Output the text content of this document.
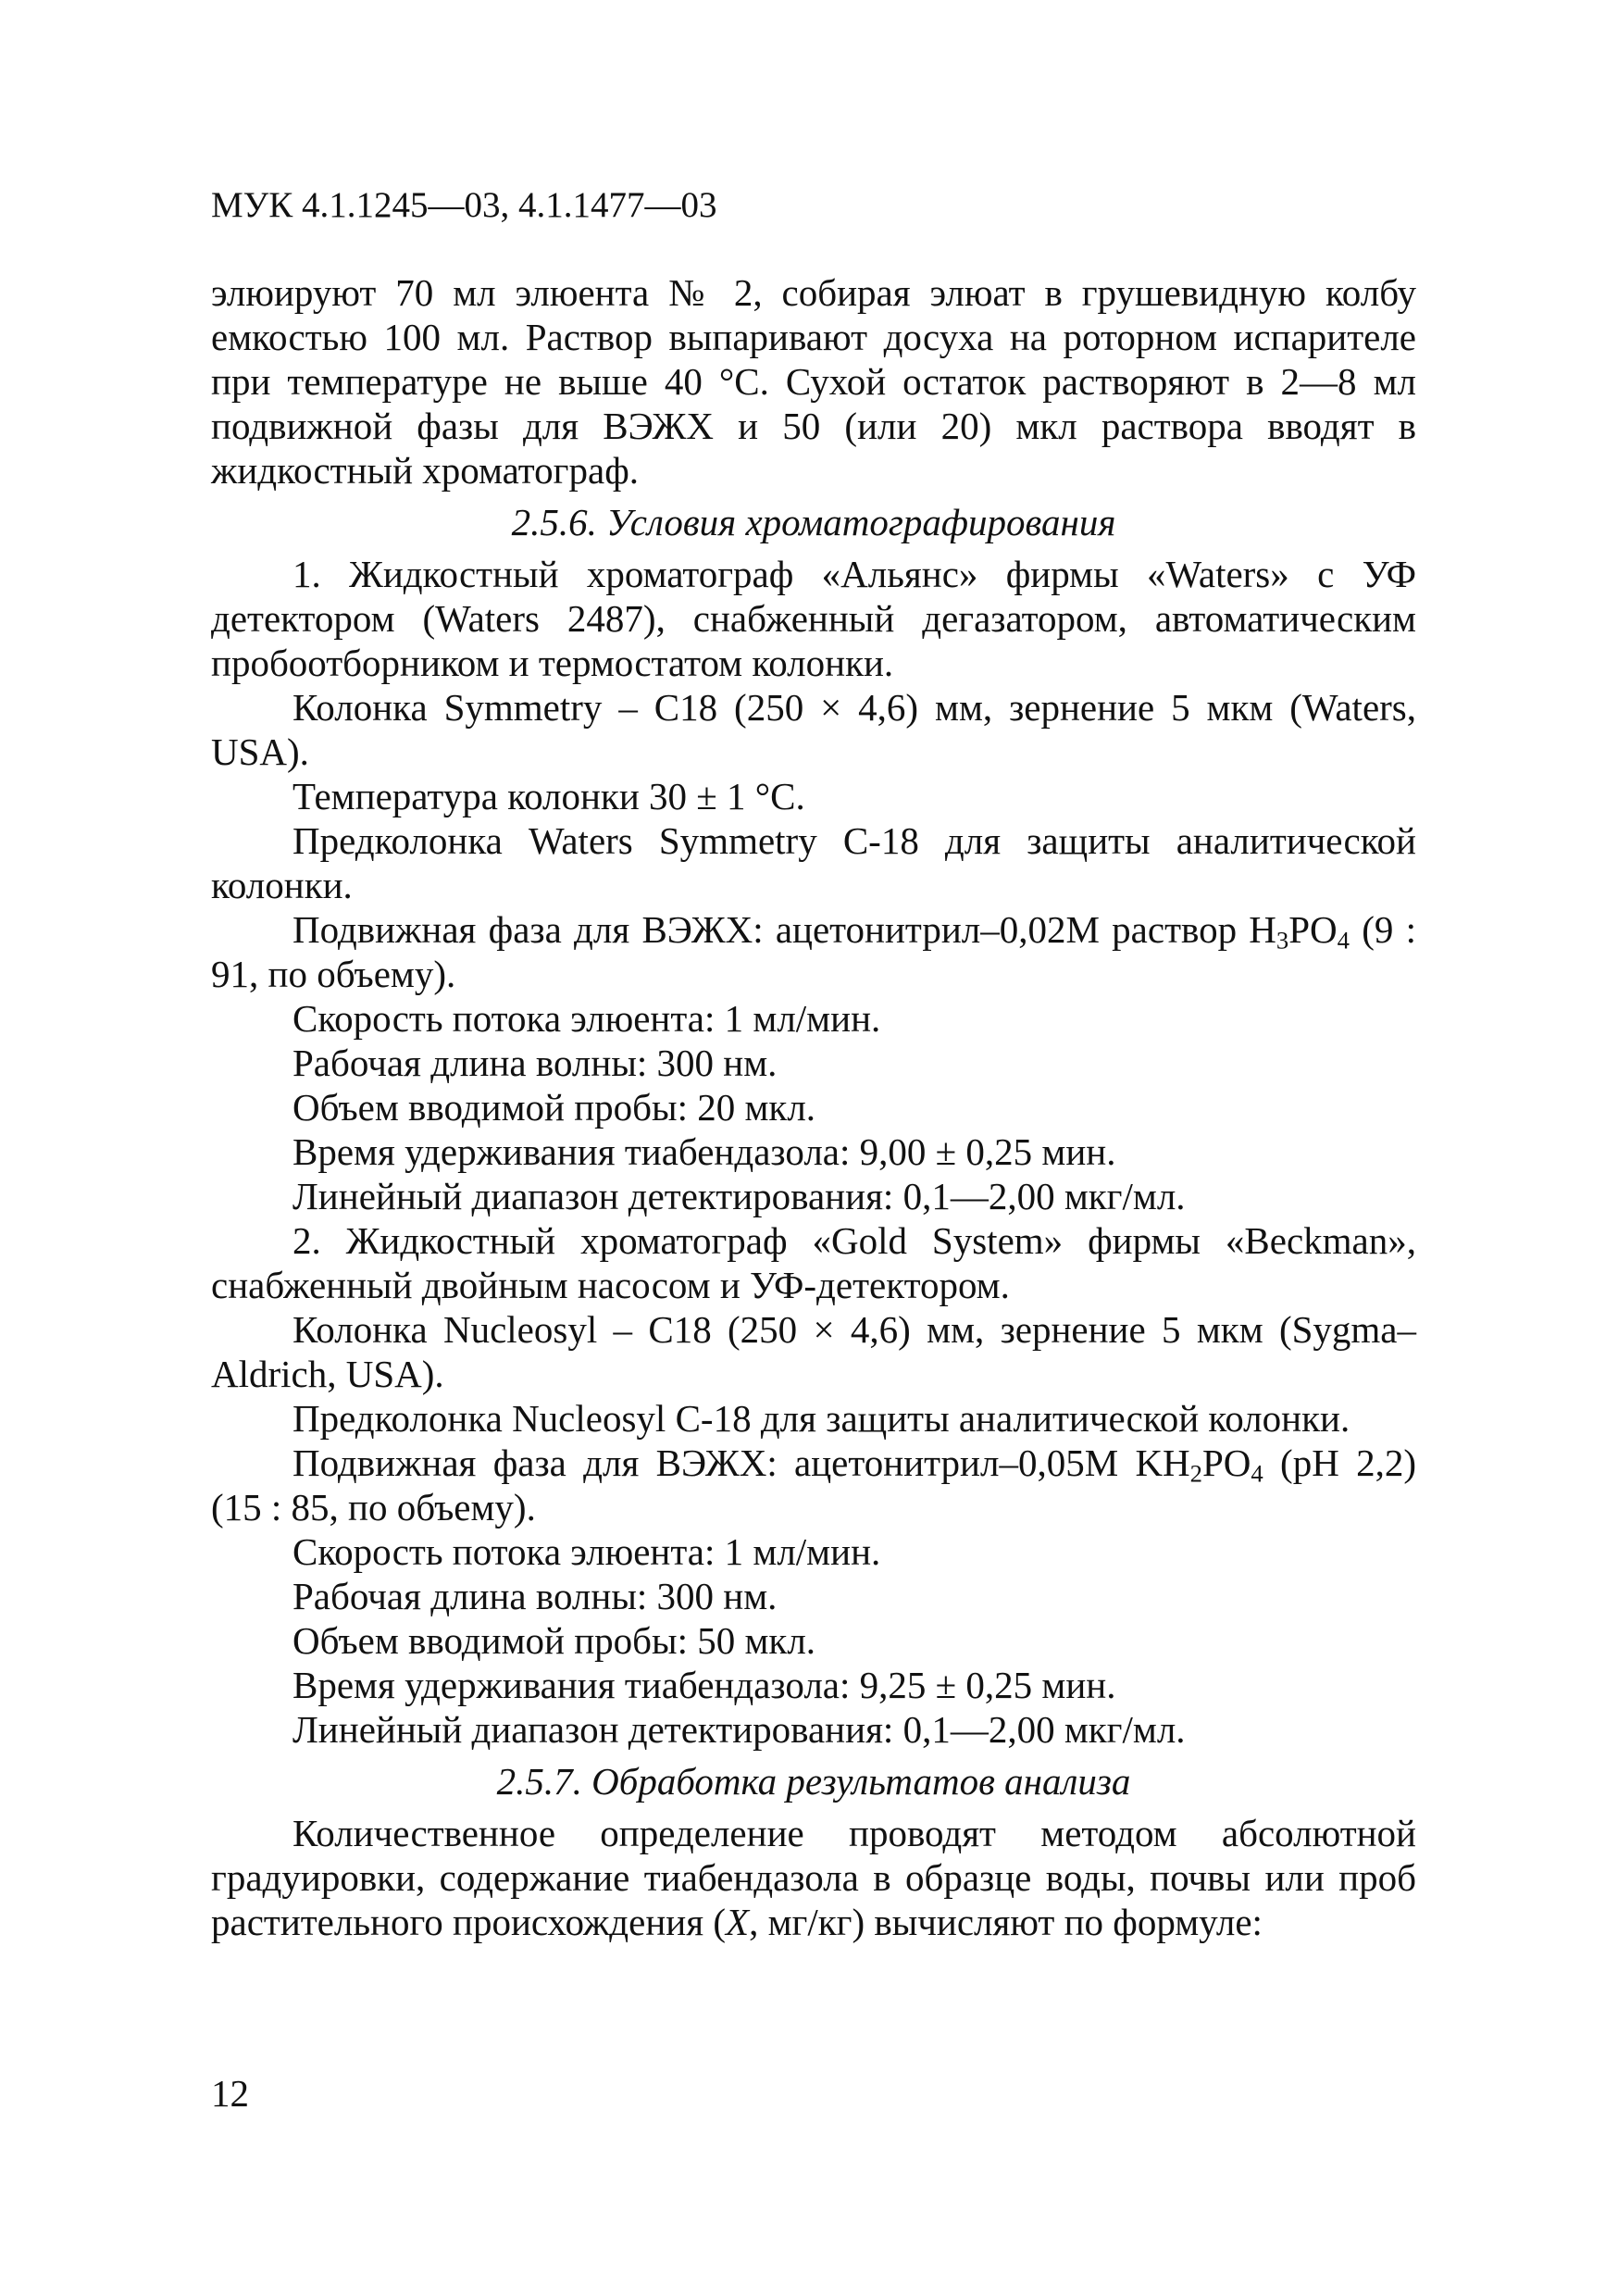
МУК 4.1.1245—03, 4.1.1477—03

элюируют 70 мл элюента № 2, собирая элюат в грушевидную колбу емкостью 100 мл. Раствор выпаривают досуха на роторном испарителе при температуре не выше 40 °С. Сухой остаток растворяют в 2—8 мл подвижной фазы для ВЭЖХ и 50 (или 20) мкл раствора вводят в жидкостный хроматограф.

2.5.6. Условия хроматографирования

1. Жидкостный хроматограф «Альянс» фирмы «Waters» с УФ детектором (Waters 2487), снабженный дегазатором, автоматическим пробоотборником и термостатом колонки.

Колонка Symmetry – С18 (250 × 4,6) мм, зернение 5 мкм (Waters, USA).

Температура колонки 30 ± 1 °С.

Предколонка Waters Symmetry С-18 для защиты аналитической колонки.

Подвижная фаза для ВЭЖХ: ацетонитрил–0,02М раствор $H_3PO_4$ (9 : 91, по объему).

Скорость потока элюента: 1 мл/мин.

Рабочая длина волны: 300 нм.

Объем вводимой пробы: 20 мкл.

Время удерживания тиабендазола: 9,00 ± 0,25 мин.

Линейный диапазон детектирования: 0,1—2,00 мкг/мл.

2. Жидкостный хроматограф «Gold System» фирмы «Beckman», снабженный двойным насосом и УФ-детектором.

Колонка Nucleosyl – С18 (250 × 4,6) мм, зернение 5 мкм (Sygma–Aldrich, USA).

Предколонка Nucleosyl С-18 для защиты аналитической колонки.

Подвижная фаза для ВЭЖХ: ацетонитрил–0,05М $KH_2PO_4$ (pH 2,2) (15 : 85, по объему).

Скорость потока элюента: 1 мл/мин.

Рабочая длина волны: 300 нм.

Объем вводимой пробы: 50 мкл.

Время удерживания тиабендазола: 9,25 ± 0,25 мин.

Линейный диапазон детектирования: 0,1—2,00 мкг/мл.

2.5.7. Обработка результатов анализа

Количественное определение проводят методом абсолютной градуировки, содержание тиабендазола в образце воды, почвы или проб растительного происхождения (X, мг/кг) вычисляют по формуле:

12
